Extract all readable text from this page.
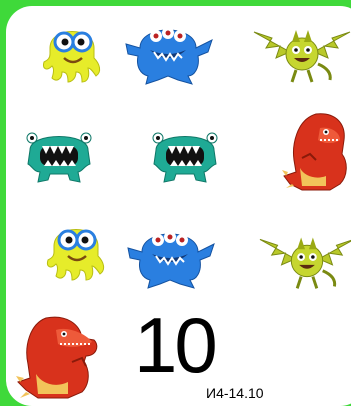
10
И4-14.10
